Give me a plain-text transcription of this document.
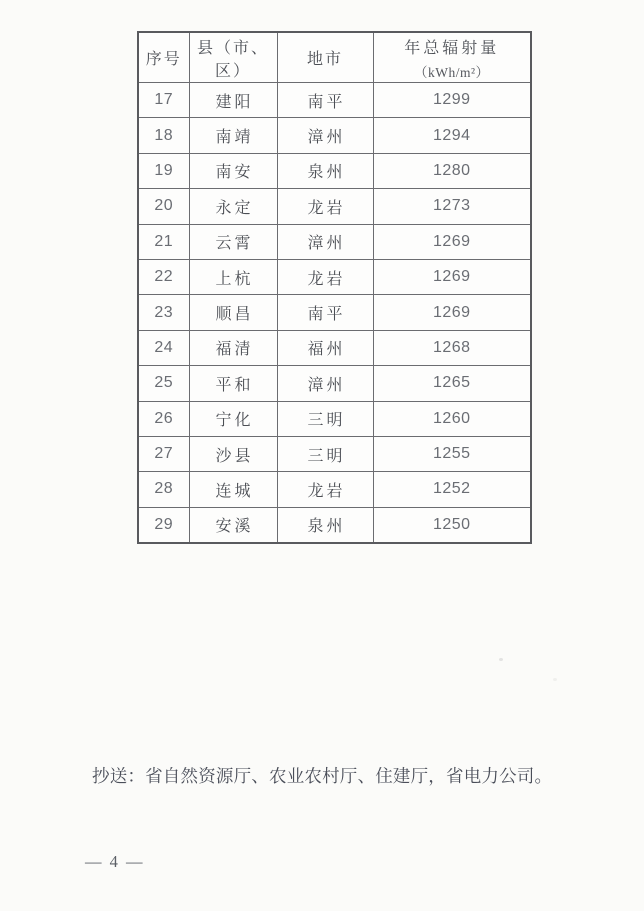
序号	县（市、区）	地市	年总辐射量
（kWh/m²）

17	建阳	南平	1299
18	南靖	漳州	1294
19	南安	泉州	1280
20	永定	龙岩	1273
21	云霄	漳州	1269
22	上杭	龙岩	1269
23	顺昌	南平	1269
24	福清	福州	1268
25	平和	漳州	1265
26	宁化	三明	1260
27	沙县	三明	1255
28	连城	龙岩	1252
29	安溪	泉州	1250

抄送：省自然资源厅、农业农村厅、住建厅，省电力公司。

— 4 —
